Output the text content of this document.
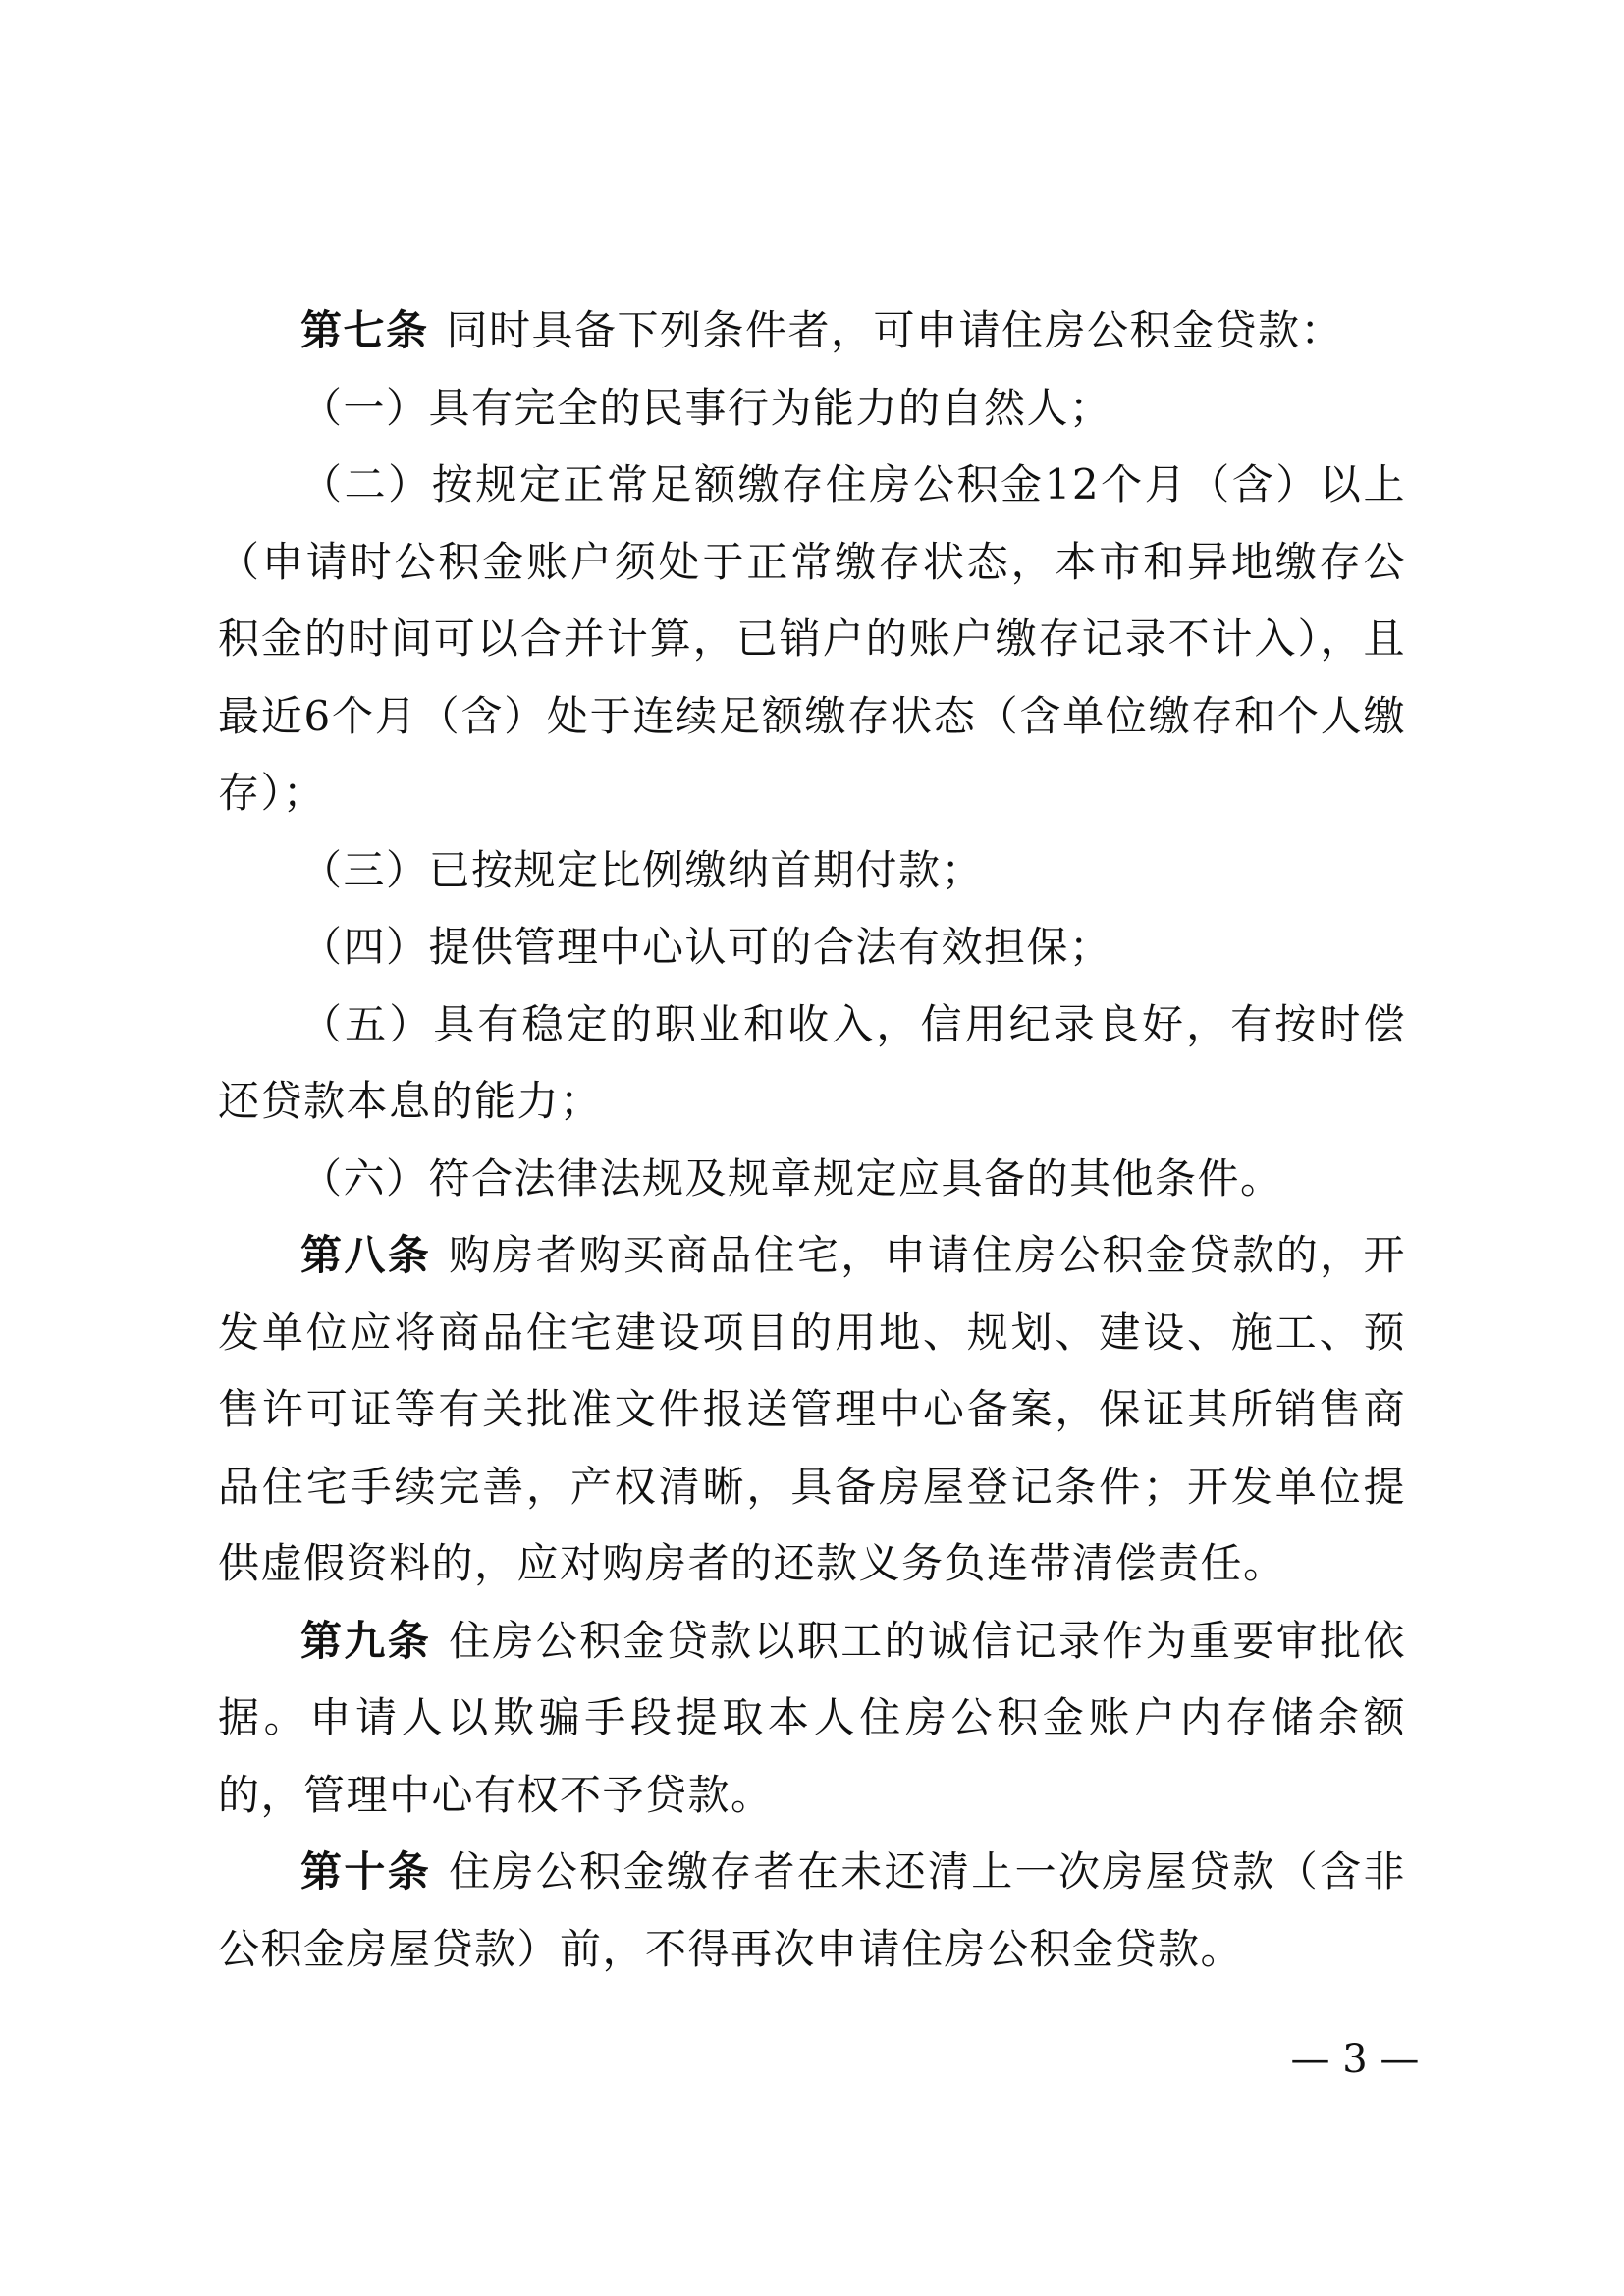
第七条 同时具备下列条件者，可申请住房公积金贷款：

（一）具有完全的民事行为能力的自然人；

（二）按规定正常足额缴存住房公积金12个月（含）以上（申请时公积金账户须处于正常缴存状态，本市和异地缴存公积金的时间可以合并计算，已销户的账户缴存记录不计入），且最近6个月（含）处于连续足额缴存状态（含单位缴存和个人缴存）；

（三）已按规定比例缴纳首期付款；

（四）提供管理中心认可的合法有效担保；

（五）具有稳定的职业和收入，信用纪录良好，有按时偿还贷款本息的能力；

（六）符合法律法规及规章规定应具备的其他条件。

第八条 购房者购买商品住宅，申请住房公积金贷款的，开发单位应将商品住宅建设项目的用地、规划、建设、施工、预售许可证等有关批准文件报送管理中心备案，保证其所销售商品住宅手续完善，产权清晰，具备房屋登记条件；开发单位提供虚假资料的，应对购房者的还款义务负连带清偿责任。

第九条 住房公积金贷款以职工的诚信记录作为重要审批依据。申请人以欺骗手段提取本人住房公积金账户内存储余额的，管理中心有权不予贷款。

第十条 住房公积金缴存者在未还清上一次房屋贷款（含非公积金房屋贷款）前，不得再次申请住房公积金贷款。

— 3 —
